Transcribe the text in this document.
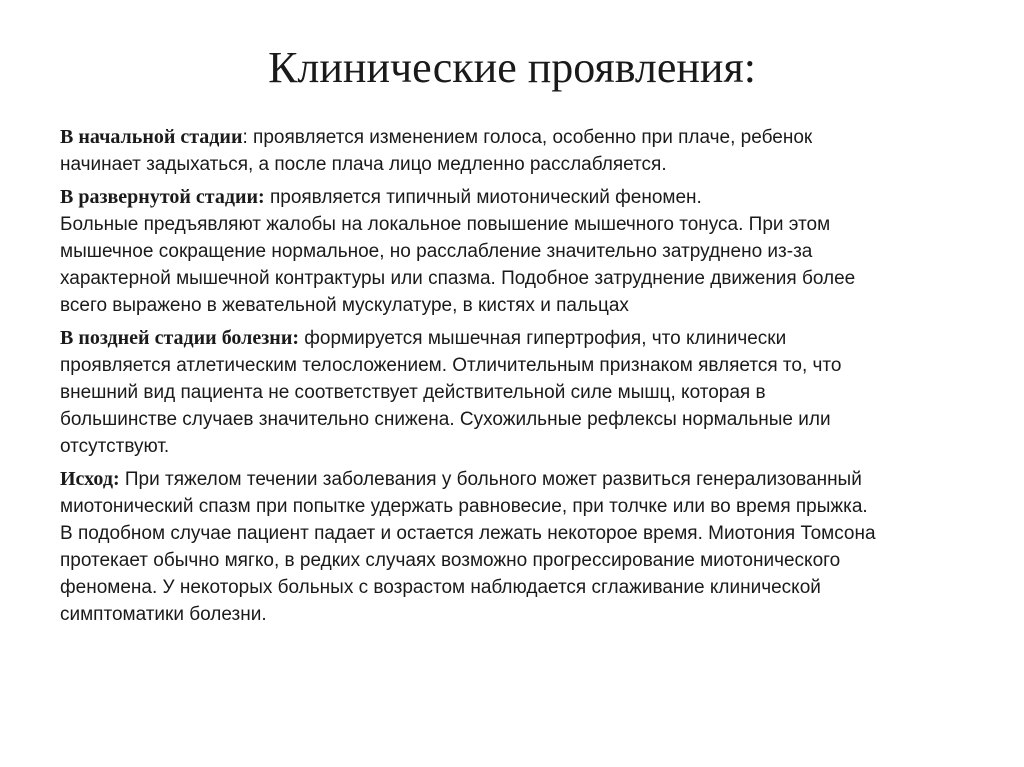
Клинические проявления:

В начальной стадии: проявляется изменением голоса, особенно при плаче, ребенок
начинает задыхаться, а после плача лицо медленно расслабляется.

В развернутой стадии: проявляется типичный миотонический феномен.
Больные предъявляют жалобы на локальное повышение мышечного тонуса. При этом
мышечное сокращение нормальное, но расслабление значительно затруднено из-за
характерной мышечной контрактуры или спазма. Подобное затруднение движения более
всего выражено в жевательной мускулатуре, в кистях и пальцах

В поздней стадии болезни: формируется мышечная гипертрофия, что клинически
проявляется атлетическим телосложением. Отличительным признаком является то, что
внешний вид пациента не соответствует действительной силе мышц, которая в
большинстве случаев значительно снижена. Сухожильные рефлексы нормальные или
отсутствуют.

Исход: При тяжелом течении заболевания у больного может развиться генерализованный
миотонический спазм при попытке удержать равновесие, при толчке или во время прыжка.
В подобном случае пациент падает и остается лежать некоторое время. Миотония Томсона
протекает обычно мягко, в редких случаях возможно прогрессирование миотонического
феномена. У некоторых больных с возрастом наблюдается сглаживание клинической
симптоматики болезни.
